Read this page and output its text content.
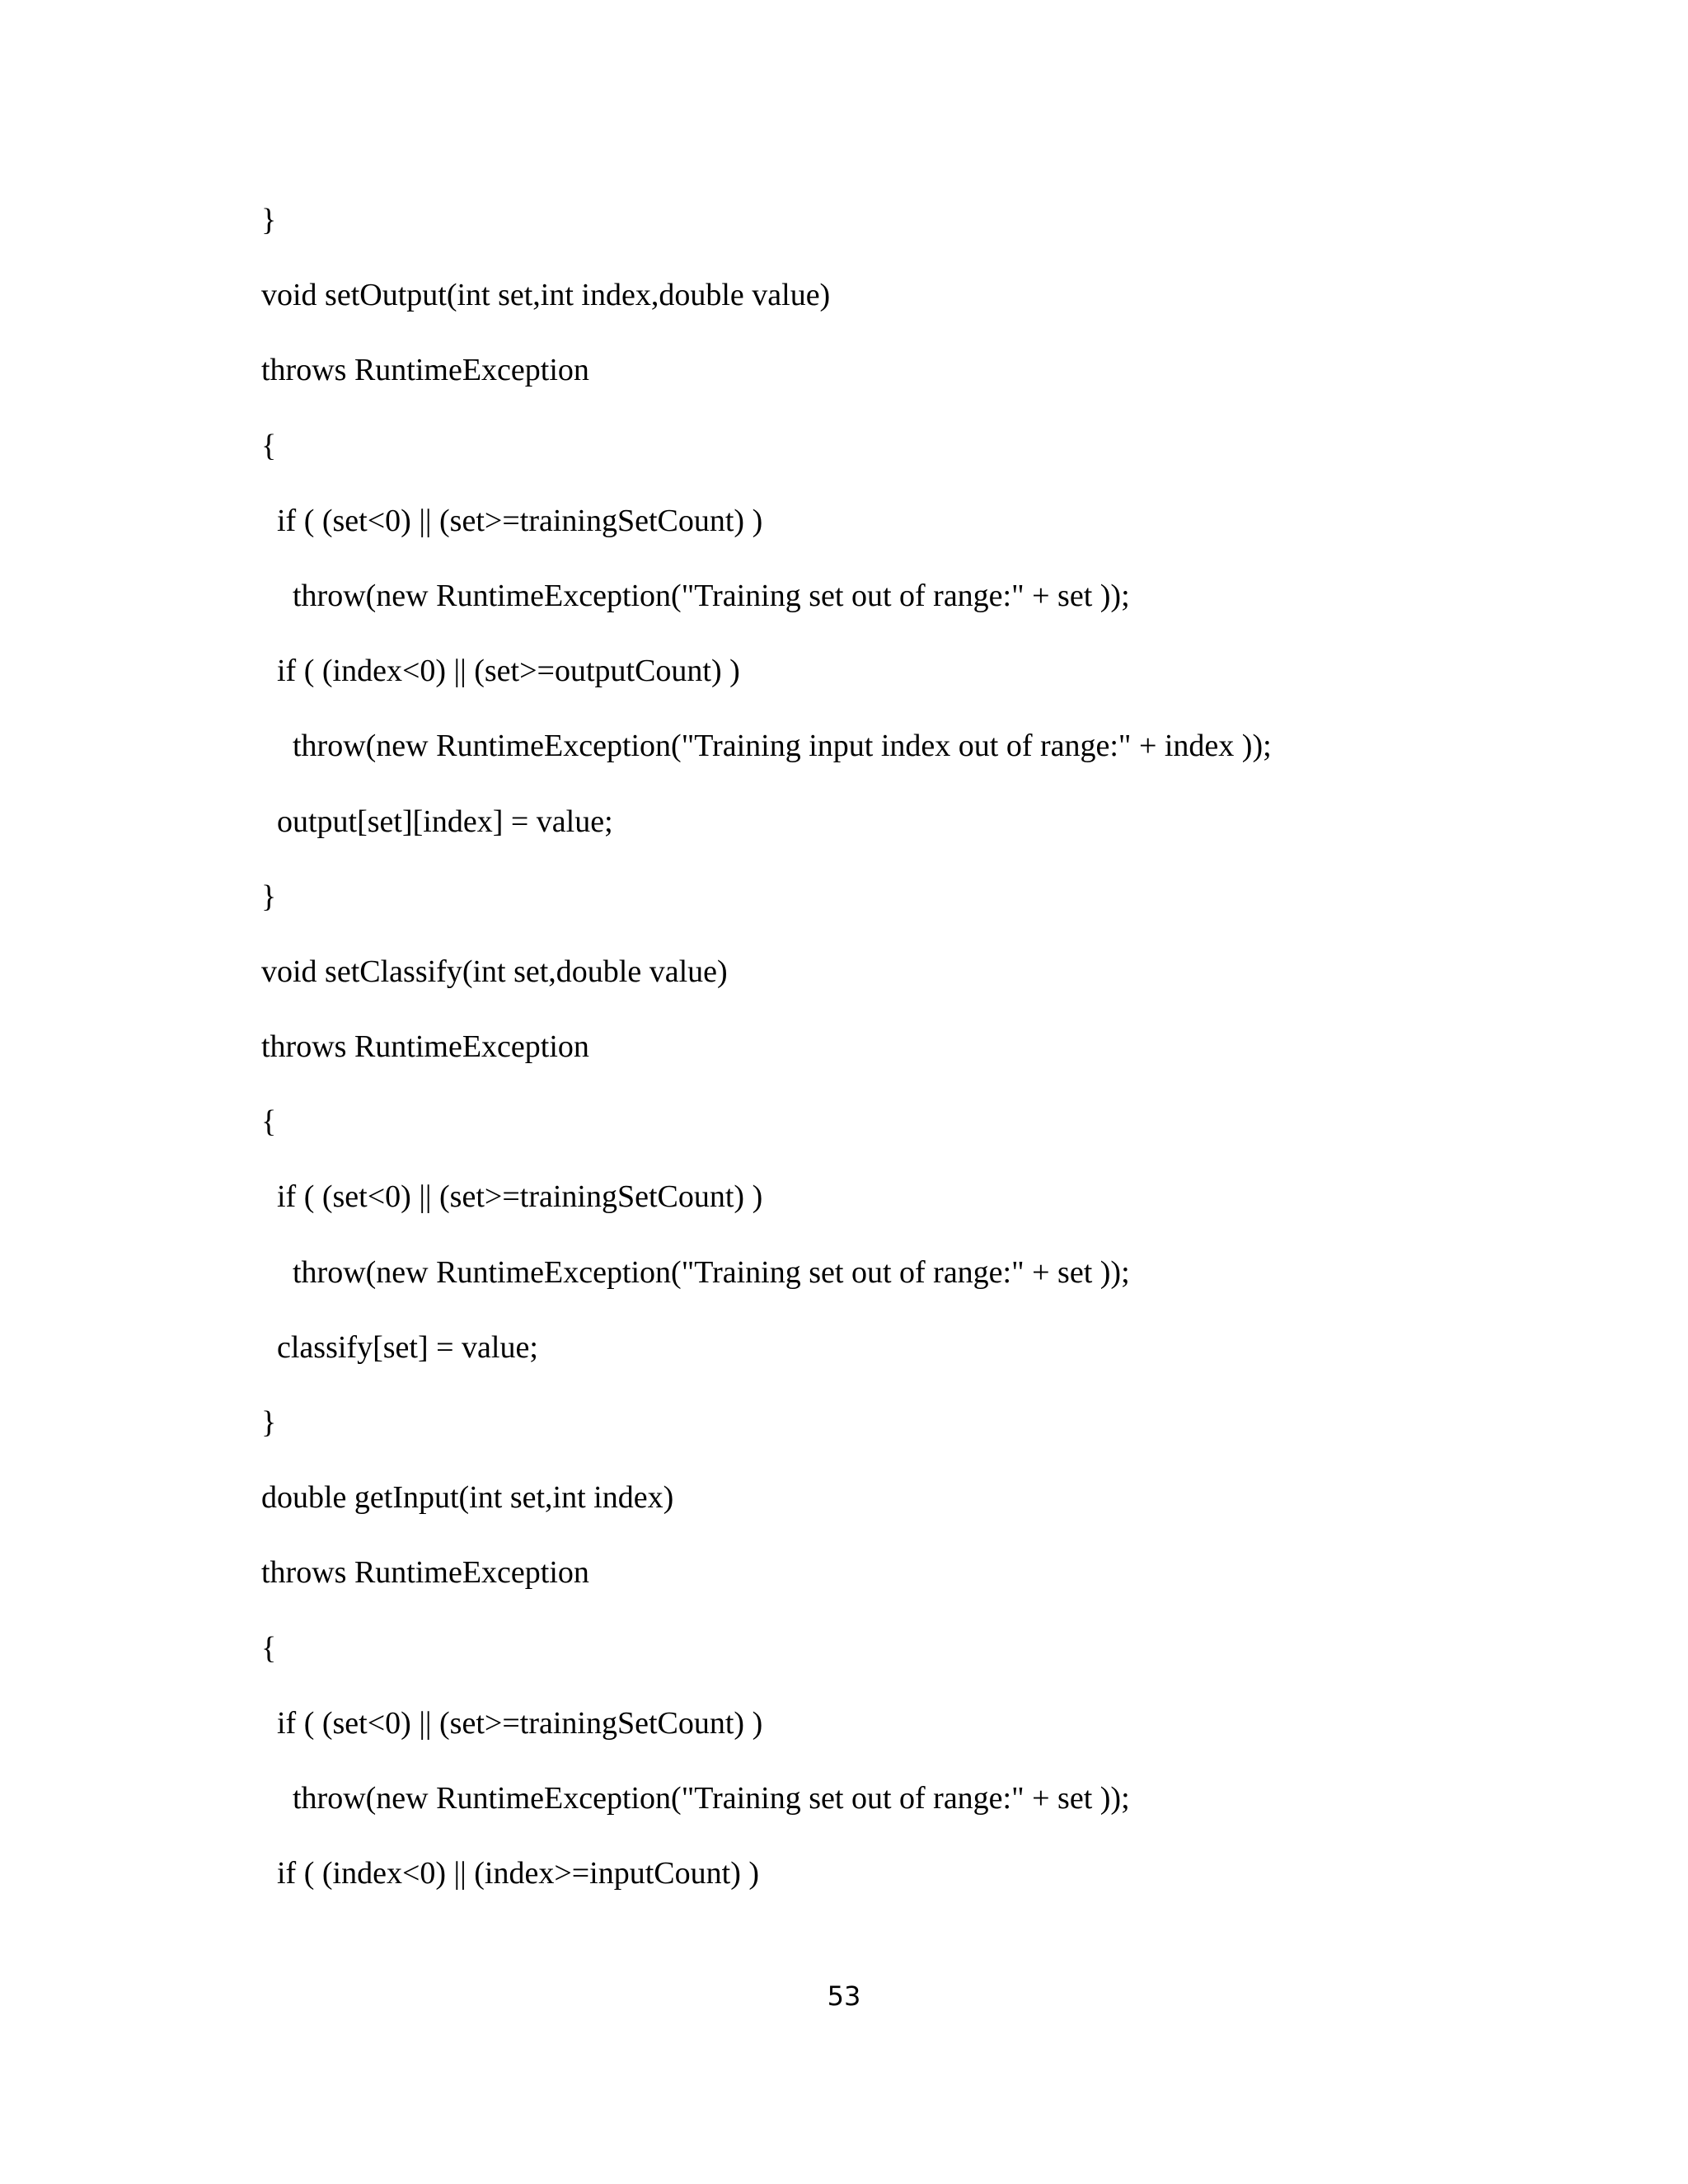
}
void setOutput(int set,int index,double value)
throws RuntimeException
{
if ( (set<0) || (set>=trainingSetCount) )
throw(new RuntimeException("Training set out of range:" + set ));
if ( (index<0) || (set>=outputCount) )
throw(new RuntimeException("Training input index out of range:" + index ));
output[set][index] = value;
}
void setClassify(int set,double value)
throws RuntimeException
{
if ( (set<0) || (set>=trainingSetCount) )
throw(new RuntimeException("Training set out of range:" + set ));
classify[set] = value;
}
double getInput(int set,int index)
throws RuntimeException
{
if ( (set<0) || (set>=trainingSetCount) )
throw(new RuntimeException("Training set out of range:" + set ));
if ( (index<0) || (index>=inputCount) )
53
